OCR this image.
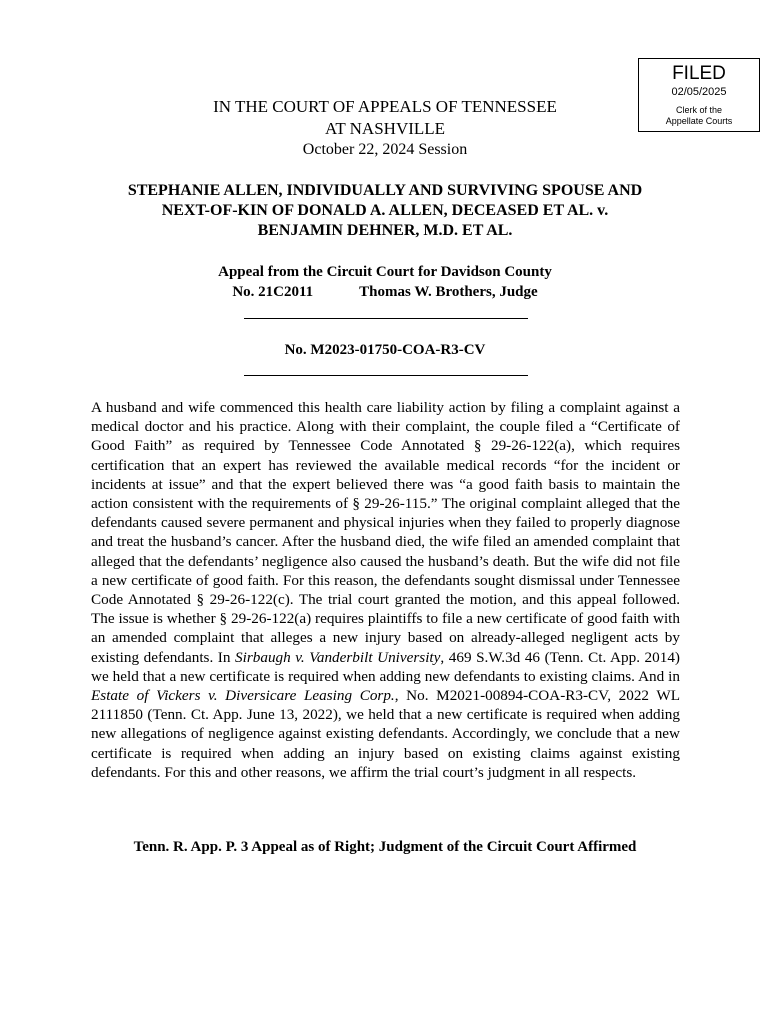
FILED
02/05/2025
Clerk of the
Appellate Courts
IN THE COURT OF APPEALS OF TENNESSEE
AT NASHVILLE
October 22, 2024 Session
STEPHANIE ALLEN, INDIVIDUALLY AND SURVIVING SPOUSE AND
NEXT-OF-KIN OF DONALD A. ALLEN, DECEASED ET AL. v.
BENJAMIN DEHNER, M.D. ET AL.
Appeal from the Circuit Court for Davidson County
No. 21C2011	Thomas W. Brothers, Judge
No. M2023-01750-COA-R3-CV

A husband and wife commenced this health care liability action by filing a complaint against a medical doctor and his practice. Along with their complaint, the couple filed a “Certificate of Good Faith” as required by Tennessee Code Annotated § 29-26-122(a), which requires certification that an expert has reviewed the available medical records “for the incident or incidents at issue” and that the expert believed there was “a good faith basis to maintain the action consistent with the requirements of § 29-26-115.” The original complaint alleged that the defendants caused severe permanent and physical injuries when they failed to properly diagnose and treat the husband’s cancer. After the husband died, the wife filed an amended complaint that alleged that the defendants’ negligence also caused the husband’s death. But the wife did not file a new certificate of good faith. For this reason, the defendants sought dismissal under Tennessee Code Annotated § 29-26-122(c). The trial court granted the motion, and this appeal followed. The issue is whether § 29-26-122(a) requires plaintiffs to file a new certificate of good faith with an amended complaint that alleges a new injury based on already-alleged negligent acts by existing defendants. In Sirbaugh v. Vanderbilt University, 469 S.W.3d 46 (Tenn. Ct. App. 2014) we held that a new certificate is required when adding new defendants to existing claims. And in Estate of Vickers v. Diversicare Leasing Corp., No. M2021-00894-COA-R3-CV, 2022 WL 2111850 (Tenn. Ct. App. June 13, 2022), we held that a new certificate is required when adding new allegations of negligence against existing defendants. Accordingly, we conclude that a new certificate is required when adding an injury based on existing claims against existing defendants. For this and other reasons, we affirm the trial court’s judgment in all respects.

Tenn. R. App. P. 3 Appeal as of Right; Judgment of the Circuit Court Affirmed
